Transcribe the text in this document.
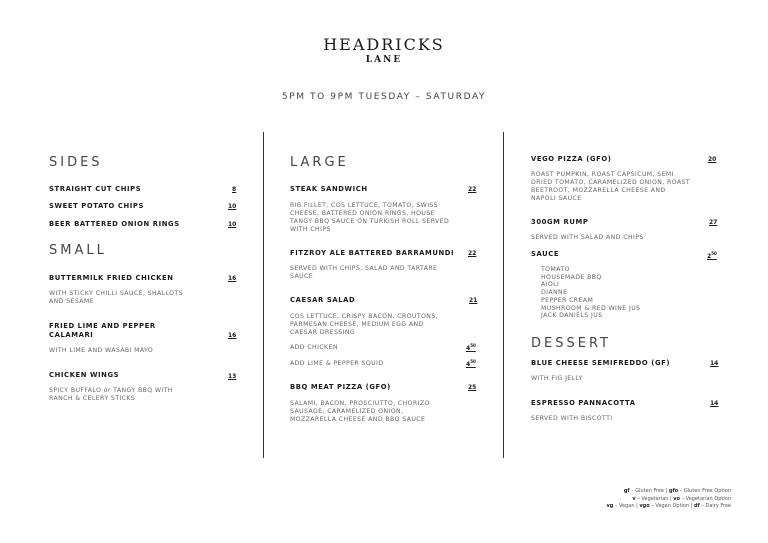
HEADRICKS
LANE
5PM TO 9PM TUESDAY – SATURDAY
SIDES
STRAIGHT CUT CHIPS	8
SWEET POTATO CHIPS	10
BEER BATTERED ONION RINGS	10
SMALL
BUTTERMILK FRIED CHICKEN	16
WITH STICKY CHILLI SAUCE, SHALLOTS AND SESAME
FRIED LIME AND PEPPER CALAMARI	16
WITH LIME AND WASABI MAYO
CHICKEN WINGS	13
SPICY BUFFALO or TANGY BBQ WITH RANCH & CELERY STICKS
LARGE
STEAK SANDWICH	22
RIB FILLET, COS LETTUCE, TOMATO, SWISS CHEESE, BATTERED ONION RINGS, HOUSE TANGY BBQ SAUCE ON TURKISH ROLL SERVED WITH CHIPS
FITZROY ALE BATTERED BARRAMUNDI 22
SERVED WITH CHIPS, SALAD AND TARTARE SAUCE
CAESAR SALAD	21
COS LETTUCE, CRISPY BACON, CROUTONS, PARMESAN CHEESE, MEDIUM EGG AND CAESAR DRESSING
ADD CHICKEN	$4^{50}$
ADD LIME & PEPPER SQUID	$4^{50}$
BBQ MEAT PIZZA (GFO)	25
SALAMI, BACON, PROSCIUTTO, CHORIZO SAUSAGE, CARAMELIZED ONION, MOZZARELLA CHEESE AND BBQ SAUCE
VEGO PIZZA (GFO)	20
ROAST PUMPKIN, ROAST CAPSICUM, SEMI DRIED TOMATO, CARAMELIZED ONION, ROAST BEETROOT, MOZZARELLA CHEESE AND NAPOLI SAUCE
300GM RUMP	27
SERVED WITH SALAD AND CHIPS
SAUCE	$2^{50}$
TOMATO
HOUSEMADE BBQ
AIOLI
DIANNE
PEPPER CREAM
MUSHROOM & RED WINE JUS
JACK DANIELS JUS
DESSERT
BLUE CHEESE SEMIFREDDO (GF)	14
WITH FIG JELLY
ESPRESSO PANNACOTTA	14
SERVED WITH BISCOTTI
gf – Gluten Free | gfo – Gluten Free Option
v – Vegetarian | vo – Vegetarian Option
vg – Vegan | vgo – Vegan Option | df – Dairy Free
